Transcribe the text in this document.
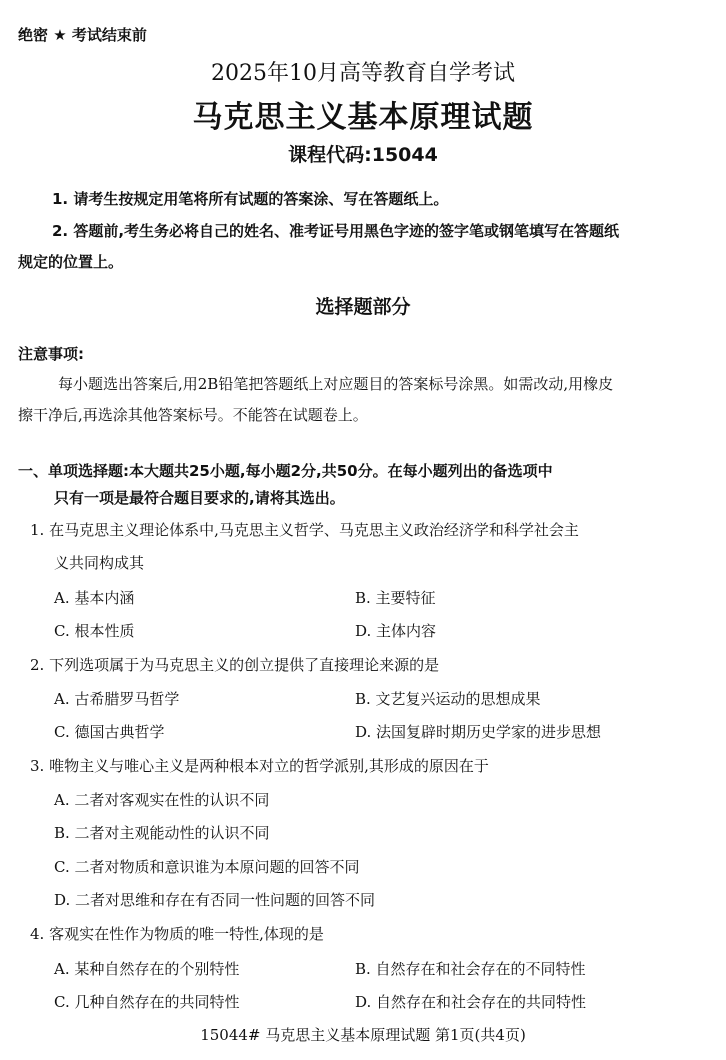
绝密 ★ 考试结束前
2025年10月高等教育自学考试
马克思主义基本原理试题
课程代码:15044
1. 请考生按规定用笔将所有试题的答案涂、写在答题纸上。
2. 答题前,考生务必将自己的姓名、准考证号用黑色字迹的签字笔或钢笔填写在答题纸
规定的位置上。
选择题部分
注意事项:
每小题选出答案后,用2B铅笔把答题纸上对应题目的答案标号涂黑。如需改动,用橡皮
擦干净后,再选涂其他答案标号。不能答在试题卷上。
一、单项选择题:本大题共25小题,每小题2分,共50分。在每小题列出的备选项中
只有一项是最符合题目要求的,请将其选出。
1. 在马克思主义理论体系中,马克思主义哲学、马克思主义政治经济学和科学社会主
义共同构成其
A. 基本内涵	B. 主要特征
C. 根本性质	D. 主体内容
2. 下列选项属于为马克思主义的创立提供了直接理论来源的是
A. 古希腊罗马哲学	B. 文艺复兴运动的思想成果
C. 德国古典哲学	D. 法国复辟时期历史学家的进步思想
3. 唯物主义与唯心主义是两种根本对立的哲学派别,其形成的原因在于
A. 二者对客观实在性的认识不同
B. 二者对主观能动性的认识不同
C. 二者对物质和意识谁为本原问题的回答不同
D. 二者对思维和存在有否同一性问题的回答不同
4. 客观实在性作为物质的唯一特性,体现的是
A. 某种自然存在的个别特性	B. 自然存在和社会存在的不同特性
C. 几种自然存在的共同特性	D. 自然存在和社会存在的共同特性
15044# 马克思主义基本原理试题 第1页(共4页)
